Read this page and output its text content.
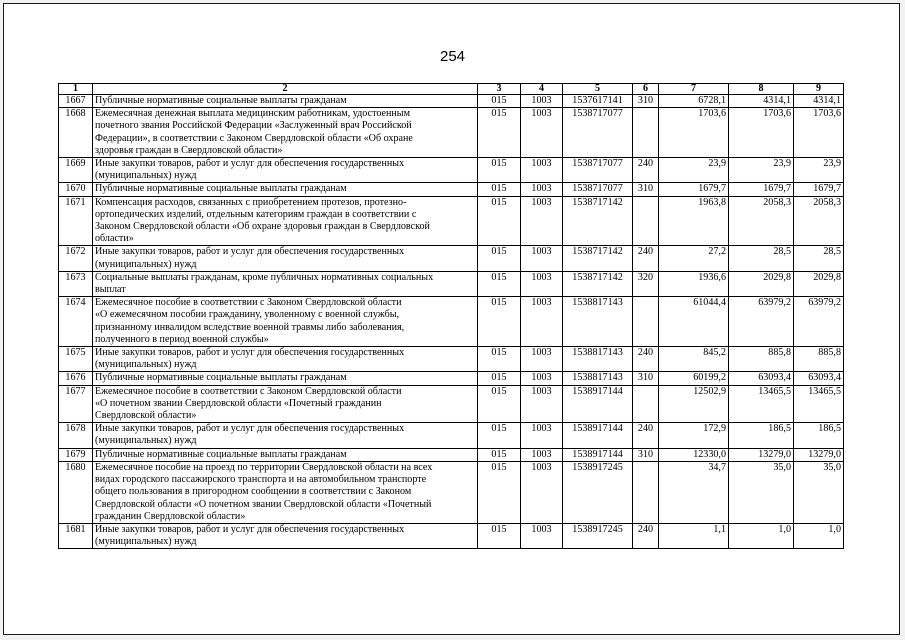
254
1	2	3	4	5	6	7	8	9
1667	Публичные нормативные социальные выплаты гражданам	015	1003	1537617141	310	6728,1	4314,1	4314,1
1668	Ежемесячная денежная выплата медицинским работникам, удостоенным
почетного звания Российской Федерации «Заслуженный врач Российской
Федерации», в соответствии с Законом Свердловской области «Об охране
здоровья граждан в Свердловской области»	015	1003	1538717077		1703,6	1703,6	1703,6
1669	Иные закупки товаров, работ и услуг для обеспечения государственных
(муниципальных) нужд	015	1003	1538717077	240	23,9	23,9	23,9
1670	Публичные нормативные социальные выплаты гражданам	015	1003	1538717077	310	1679,7	1679,7	1679,7
1671	Компенсация расходов, связанных с приобретением протезов, протезно-
ортопедических изделий, отдельным категориям граждан в соответствии с
Законом Свердловской области «Об охране здоровья граждан в Свердловской
области»	015	1003	1538717142		1963,8	2058,3	2058,3
1672	Иные закупки товаров, работ и услуг для обеспечения государственных
(муниципальных) нужд	015	1003	1538717142	240	27,2	28,5	28,5
1673	Социальные выплаты гражданам, кроме публичных нормативных социальных
выплат	015	1003	1538717142	320	1936,6	2029,8	2029,8
1674	Ежемесячное пособие в соответствии с Законом Свердловской области
«О ежемесячном пособии гражданину, уволенному с военной службы,
признанному инвалидом вследствие военной травмы либо заболевания,
полученного в период военной службы»	015	1003	1538817143		61044,4	63979,2	63979,2
1675	Иные закупки товаров, работ и услуг для обеспечения государственных
(муниципальных) нужд	015	1003	1538817143	240	845,2	885,8	885,8
1676	Публичные нормативные социальные выплаты гражданам	015	1003	1538817143	310	60199,2	63093,4	63093,4
1677	Ежемесячное пособие в соответствии с Законом Свердловской области
«О почетном звании Свердловской области «Почетный гражданин
Свердловской области»	015	1003	1538917144		12502,9	13465,5	13465,5
1678	Иные закупки товаров, работ и услуг для обеспечения государственных
(муниципальных) нужд	015	1003	1538917144	240	172,9	186,5	186,5
1679	Публичные нормативные социальные выплаты гражданам	015	1003	1538917144	310	12330,0	13279,0	13279,0
1680	Ежемесячное пособие на проезд по территории Свердловской области на всех
видах городского пассажирского транспорта и на автомобильном транспорте
общего пользования в пригородном сообщении в соответствии с Законом
Свердловской области «О почетном звании Свердловской области «Почетный
гражданин Свердловской области»	015	1003	1538917245		34,7	35,0	35,0
1681	Иные закупки товаров, работ и услуг для обеспечения государственных
(муниципальных) нужд	015	1003	1538917245	240	1,1	1,0	1,0
